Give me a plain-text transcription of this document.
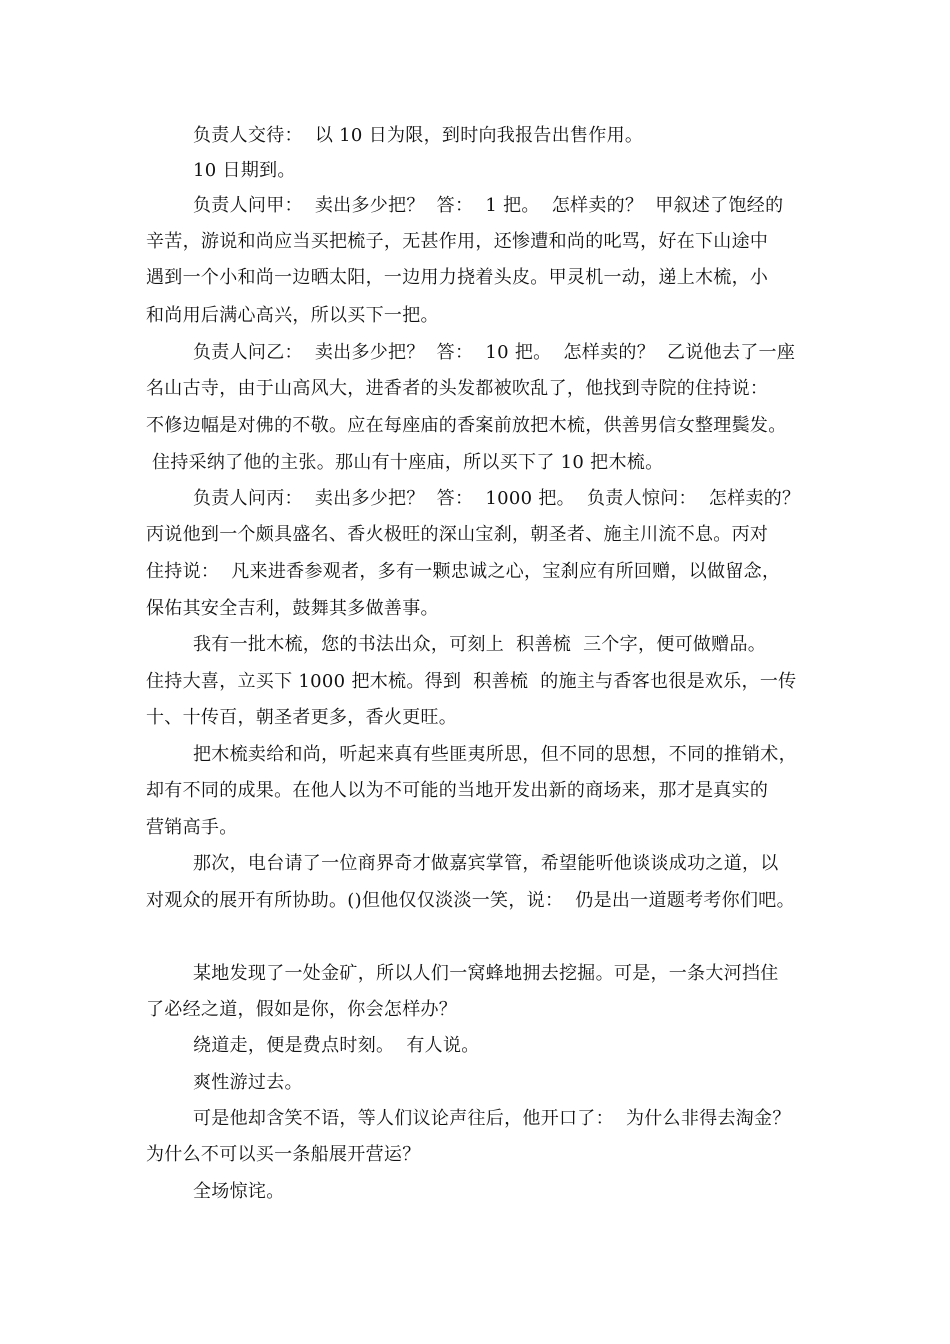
负责人交待：  以 10 日为限，到时向我报告出售作用。
10 日期到。
负责人问甲：  卖出多少把？  答：  1 把。  怎样卖的？  甲叙述了饱经的
辛苦，游说和尚应当买把梳子，无甚作用，还惨遭和尚的叱骂，好在下山途中
遇到一个小和尚一边晒太阳，一边用力挠着头皮。甲灵机一动，递上木梳，小
和尚用后满心高兴，所以买下一把。
负责人问乙：  卖出多少把？  答：  10 把。  怎样卖的？  乙说他去了一座
名山古寺，由于山高风大，进香者的头发都被吹乱了，他找到寺院的住持说：
不修边幅是对佛的不敬。应在每座庙的香案前放把木梳，供善男信女整理鬓发。
住持采纳了他的主张。那山有十座庙，所以买下了 10 把木梳。
负责人问丙：  卖出多少把？  答：  1000 把。  负责人惊问：  怎样卖的？
丙说他到一个颇具盛名、香火极旺的深山宝刹，朝圣者、施主川流不息。丙对
住持说：  凡来进香参观者，多有一颗忠诚之心，宝刹应有所回赠，以做留念，
保佑其安全吉利，鼓舞其多做善事。
我有一批木梳，您的书法出众，可刻上  积善梳  三个字，便可做赠品。
住持大喜，立买下 1000 把木梳。得到  积善梳  的施主与香客也很是欢乐，一传
十、十传百，朝圣者更多，香火更旺。
把木梳卖给和尚，听起来真有些匪夷所思，但不同的思想，不同的推销术，
却有不同的成果。在他人以为不可能的当地开发出新的商场来，那才是真实的
营销高手。
那次，电台请了一位商界奇才做嘉宾掌管，希望能听他谈谈成功之道，以
对观众的展开有所协助。()但他仅仅淡淡一笑，说：  仍是出一道题考考你们吧。
某地发现了一处金矿，所以人们一窝蜂地拥去挖掘。可是，一条大河挡住
了必经之道，假如是你，你会怎样办？
绕道走，便是费点时刻。  有人说。
爽性游过去。
可是他却含笑不语，等人们议论声往后，他开口了：  为什么非得去淘金？
为什么不可以买一条船展开营运？
全场惊诧。
